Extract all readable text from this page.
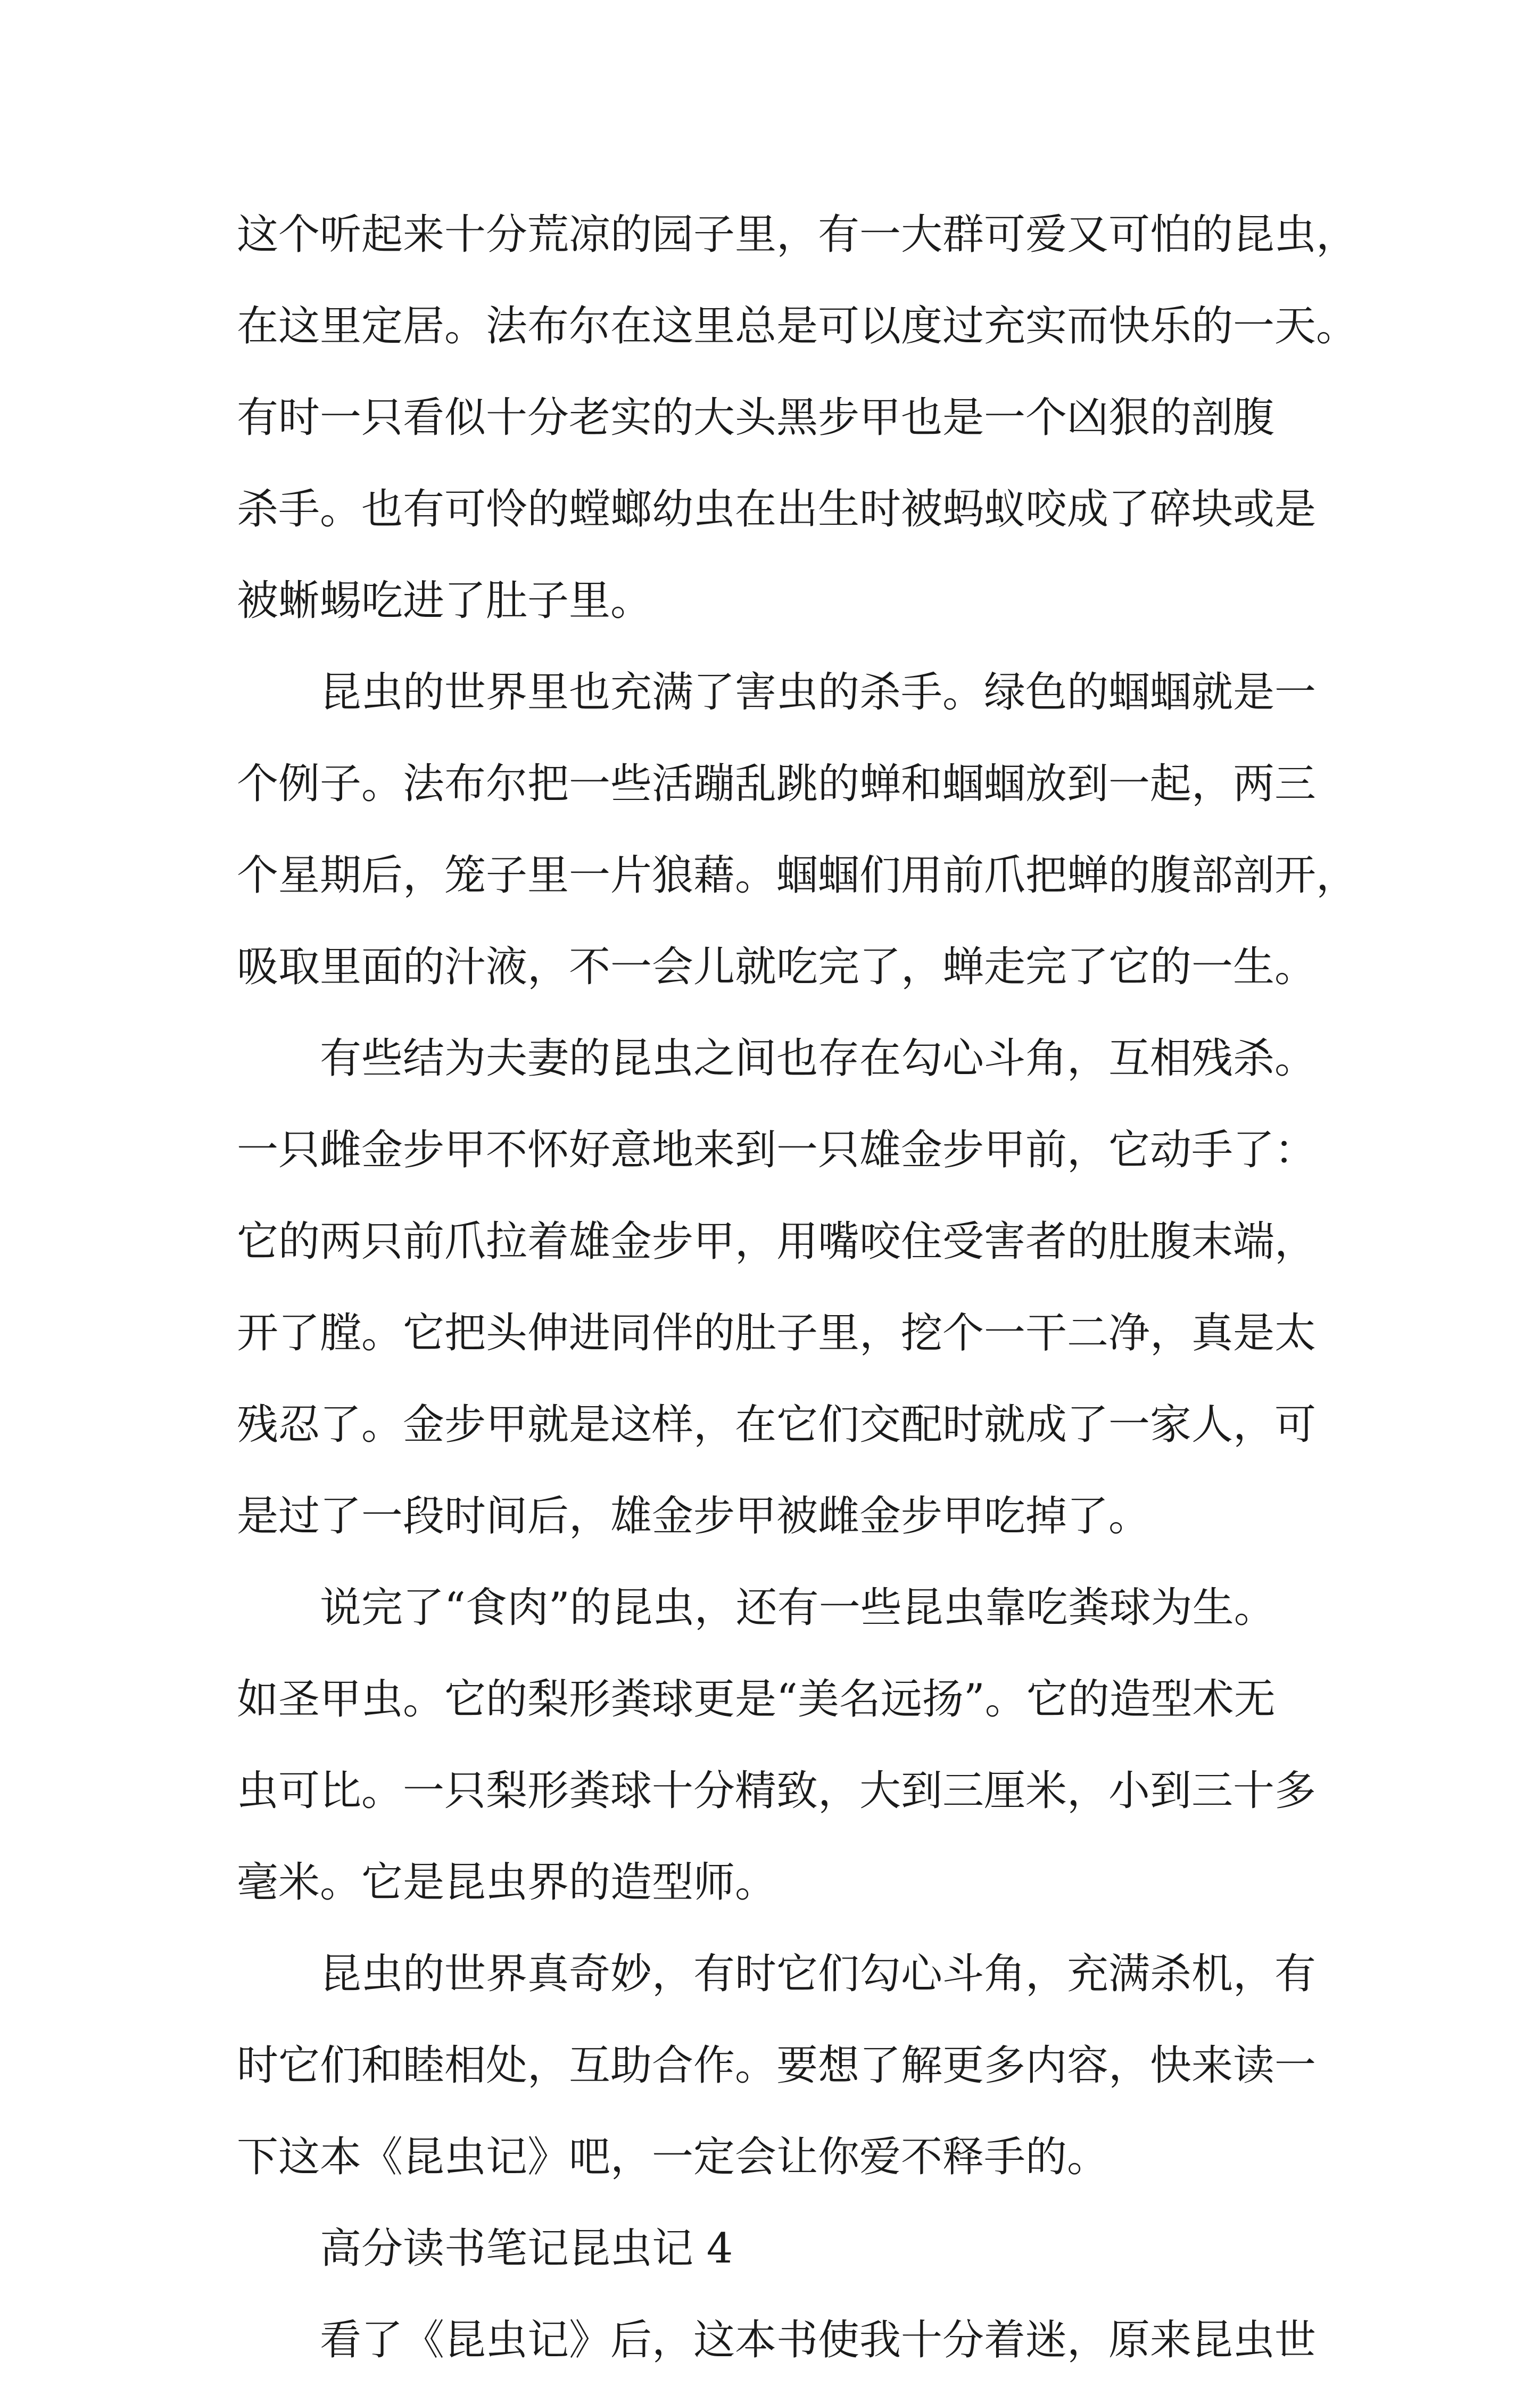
这个听起来十分荒凉的园子里，有一大群可爱又可怕的昆虫，
在这里定居。法布尔在这里总是可以度过充实而快乐的一天。
有时一只看似十分老实的大头黑步甲也是一个凶狠的剖腹
杀手。也有可怜的螳螂幼虫在出生时被蚂蚁咬成了碎块或是
被蜥蜴吃进了肚子里。
昆虫的世界里也充满了害虫的杀手。绿色的蝈蝈就是一
个例子。法布尔把一些活蹦乱跳的蝉和蝈蝈放到一起，两三
个星期后，笼子里一片狼藉。蝈蝈们用前爪把蝉的腹部剖开，
吸取里面的汁液，不一会儿就吃完了，蝉走完了它的一生。
有些结为夫妻的昆虫之间也存在勾心斗角，互相残杀。
一只雌金步甲不怀好意地来到一只雄金步甲前，它动手了：
它的两只前爪拉着雄金步甲，用嘴咬住受害者的肚腹末端，
开了膛。它把头伸进同伴的肚子里，挖个一干二净，真是太
残忍了。金步甲就是这样，在它们交配时就成了一家人，可
是过了一段时间后，雄金步甲被雌金步甲吃掉了。
说完了“食肉”的昆虫，还有一些昆虫靠吃粪球为生。
如圣甲虫。它的梨形粪球更是“美名远扬”。它的造型术无
虫可比。一只梨形粪球十分精致，大到三厘米，小到三十多
毫米。它是昆虫界的造型师。
昆虫的世界真奇妙，有时它们勾心斗角，充满杀机，有
时它们和睦相处，互助合作。要想了解更多内容，快来读一
下这本《昆虫记》吧，一定会让你爱不释手的。
高分读书笔记昆虫记 4
看了《昆虫记》后，这本书使我十分着迷，原来昆虫世
